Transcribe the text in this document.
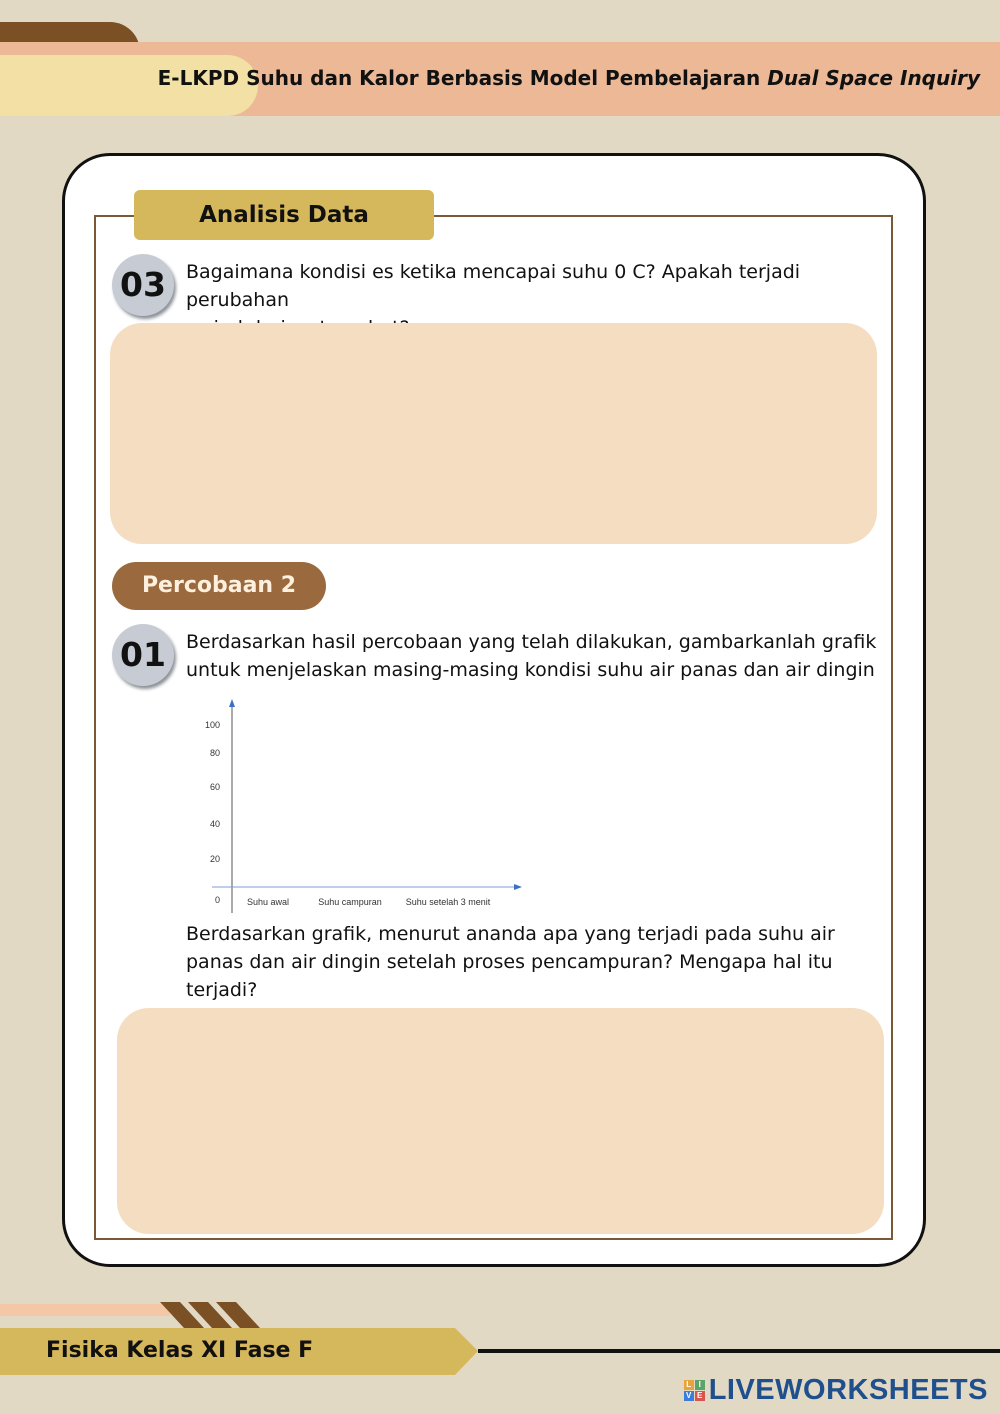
E-LKPD Suhu dan Kalor Berbasis Model Pembelajaran Dual Space Inquiry
Analisis Data
03	Bagaimana kondisi es ketika mencapai suhu 0 C? Apakah terjadi perubahan
Percobaan 2
01	Berdasarkan hasil percobaan yang telah dilakukan, gambarkanlah grafik
untuk menjelaskan masing-masing kondisi suhu air panas dan air dingin
0
20
40
60
80
100
Suhu awal	Suhu campuran	Suhu setelah 3 menit
Berdasarkan grafik, menurut ananda apa yang terjadi pada suhu air
panas dan air dingin setelah proses pencampuran? Mengapa hal itu
terjadi?
Fisika Kelas XI Fase F
L I
V E LIVEWORKSHEETS
